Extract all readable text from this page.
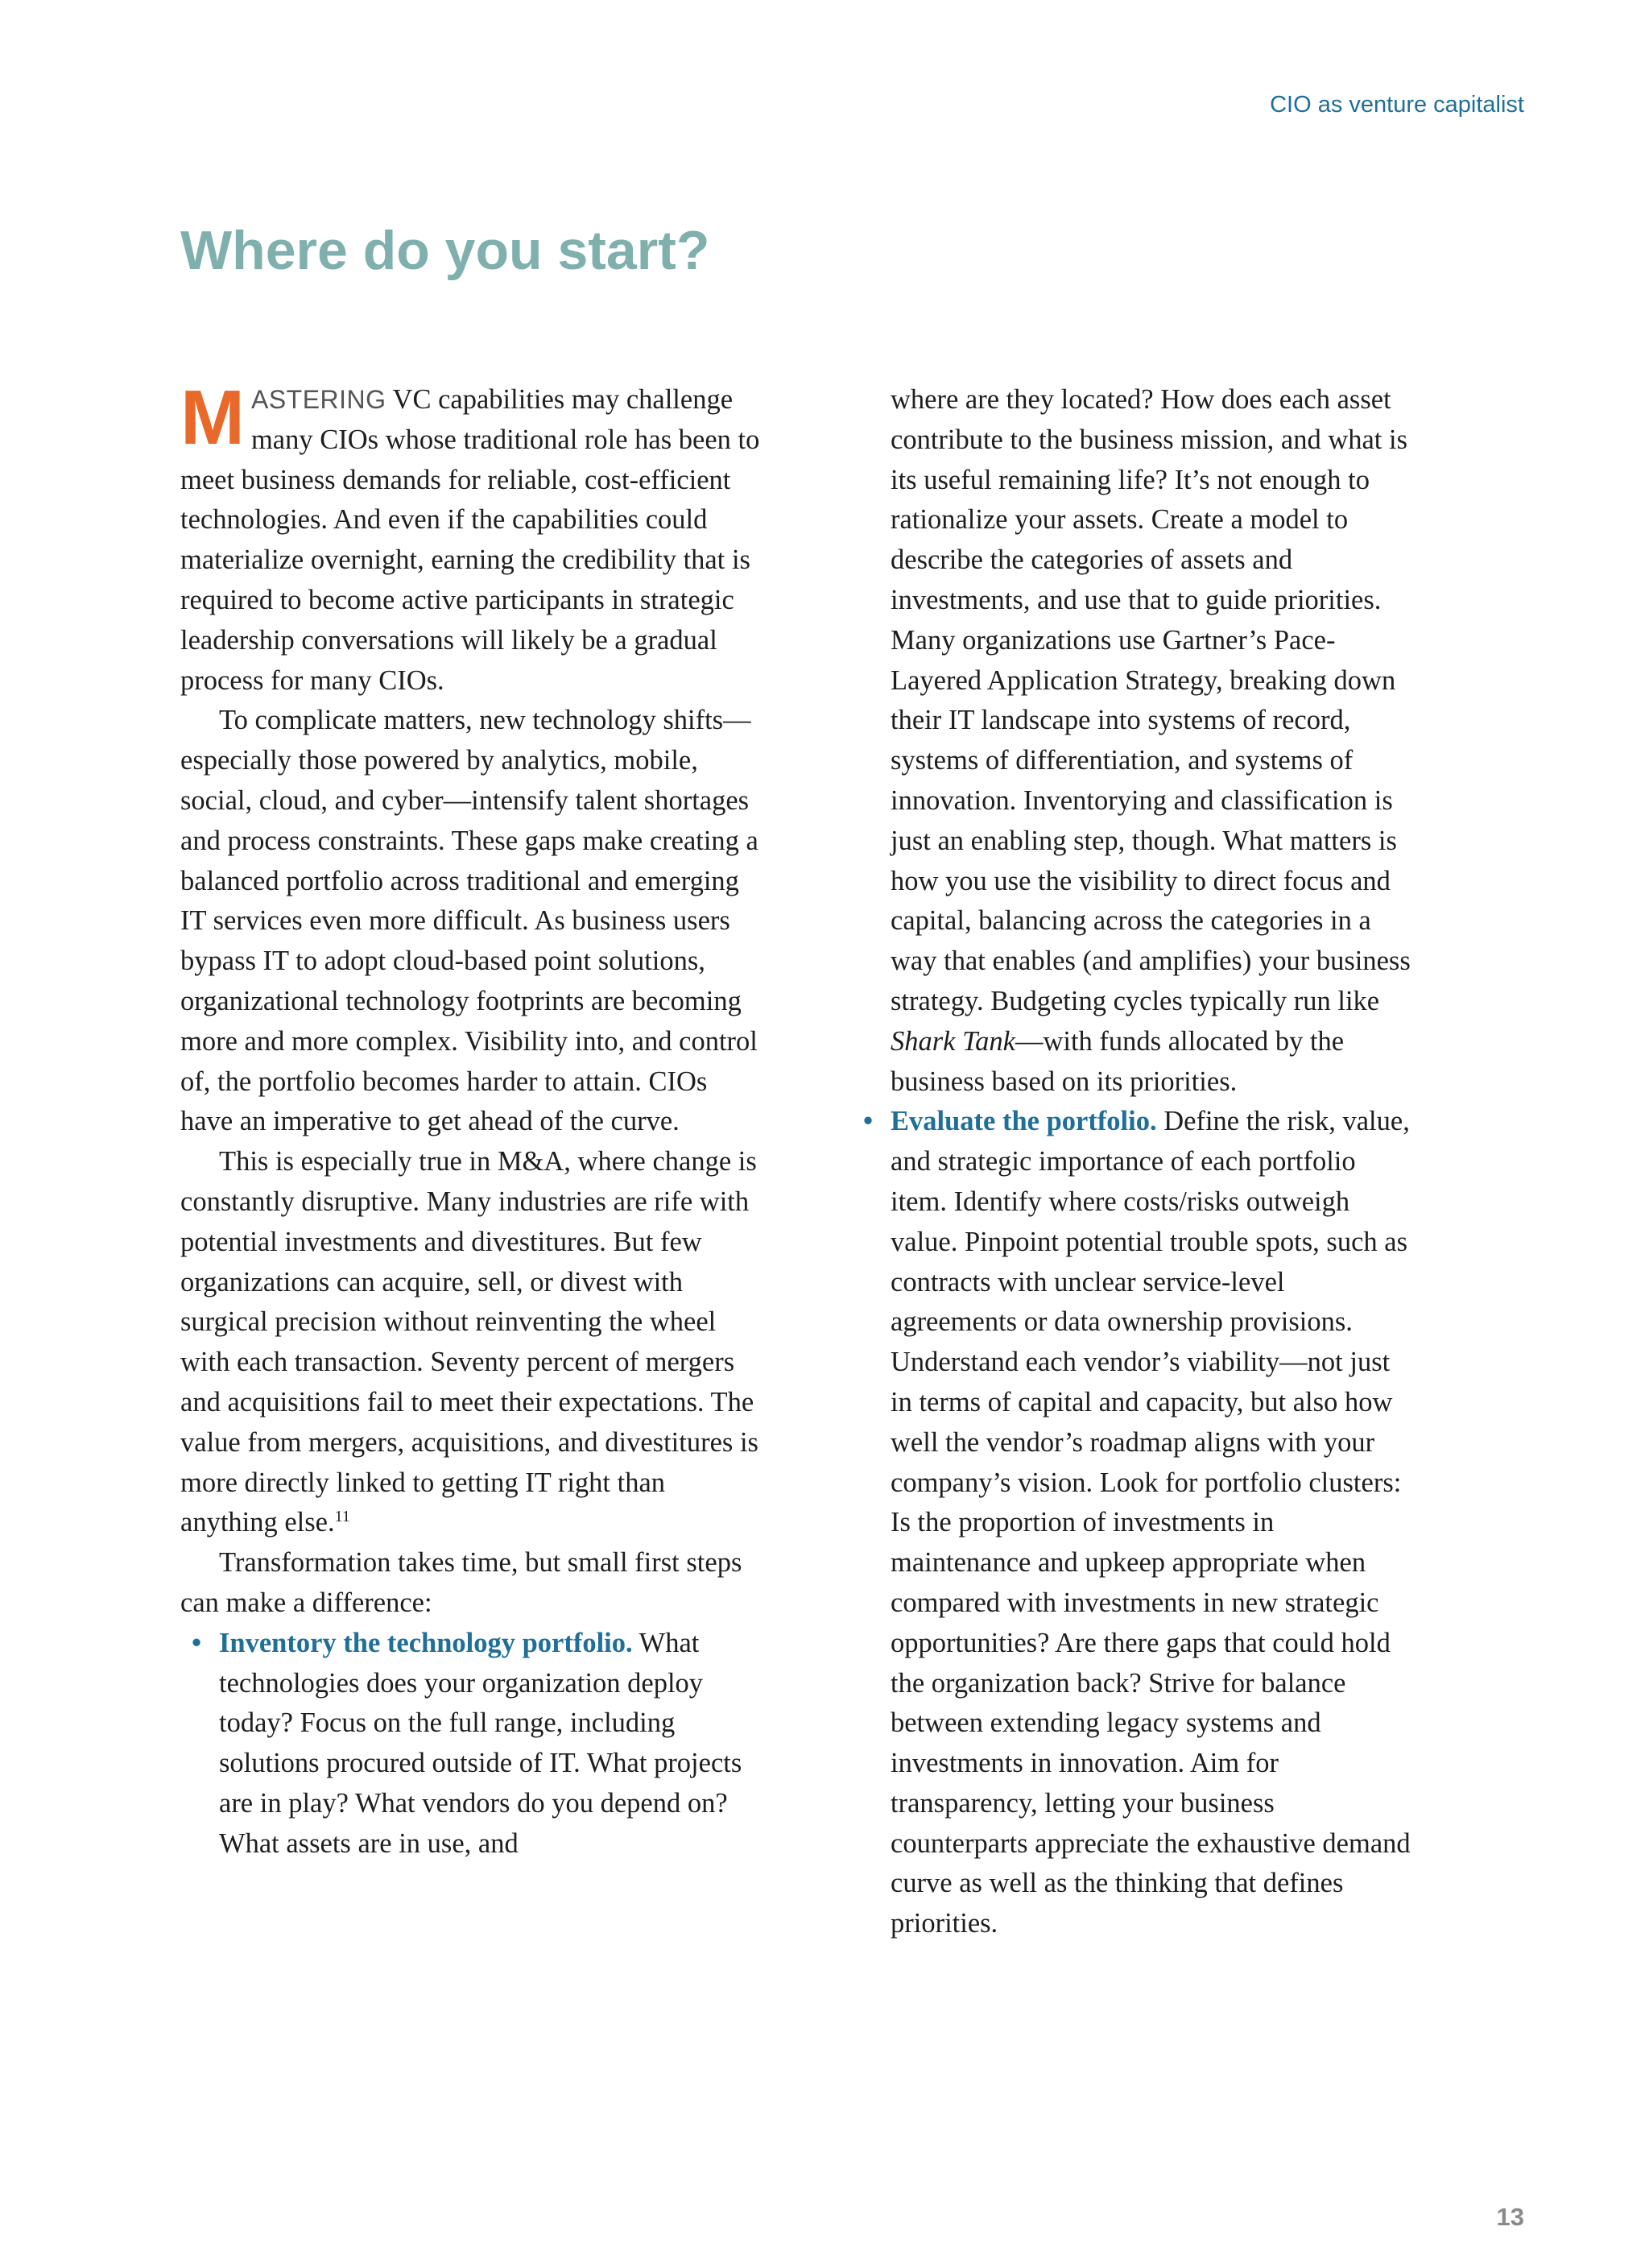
CIO as venture capitalist
Where do you start?

MASTERING VC capabilities may challenge many CIOs whose traditional role has been to meet business demands for reliable, cost-efficient technologies. And even if the capabilities could materialize overnight, earning the credibility that is required to become active participants in strategic leadership conversations will likely be a gradual process for many CIOs.

To complicate matters, new technology shifts—especially those powered by analytics, mobile, social, cloud, and cyber—intensify talent shortages and process constraints. These gaps make creating a balanced portfolio across traditional and emerging IT services even more difficult. As business users bypass IT to adopt cloud-based point solutions, organizational technology footprints are becoming more and more complex. Visibility into, and control of, the portfolio becomes harder to attain. CIOs have an imperative to get ahead of the curve.

This is especially true in M&A, where change is constantly disruptive. Many industries are rife with potential investments and divestitures. But few organizations can acquire, sell, or divest with surgical precision without reinventing the wheel with each transaction. Seventy percent of mergers and acquisitions fail to meet their expectations. The value from mergers, acquisitions, and divestitures is more directly linked to getting IT right than anything else.$^{11}$

Transformation takes time, but small first steps can make a difference:

• Inventory the technology portfolio. What technologies does your organization deploy today? Focus on the full range, including solutions procured outside of IT. What projects are in play? What vendors do you depend on? What assets are in use, and
where are they located? How does each asset contribute to the business mission, and what is its useful remaining life? It’s not enough to rationalize your assets. Create a model to describe the categories of assets and investments, and use that to guide priorities. Many organizations use Gartner’s Pace-Layered Application Strategy, breaking down their IT landscape into systems of record, systems of differentiation, and systems of innovation. Inventorying and classification is just an enabling step, though. What matters is how you use the visibility to direct focus and capital, balancing across the categories in a way that enables (and amplifies) your business strategy. Budgeting cycles typically run like Shark Tank—with funds allocated by the business based on its priorities.
• Evaluate the portfolio. Define the risk, value, and strategic importance of each portfolio item. Identify where costs/risks outweigh value. Pinpoint potential trouble spots, such as contracts with unclear service-level agreements or data ownership provisions. Understand each vendor’s viability—not just in terms of capital and capacity, but also how well the vendor’s roadmap aligns with your company’s vision. Look for portfolio clusters: Is the proportion of investments in maintenance and upkeep appropriate when compared with investments in new strategic opportunities? Are there gaps that could hold the organization back? Strive for balance between extending legacy systems and investments in innovation. Aim for transparency, letting your business counterparts appreciate the exhaustive demand curve as well as the thinking that defines priorities.
13
